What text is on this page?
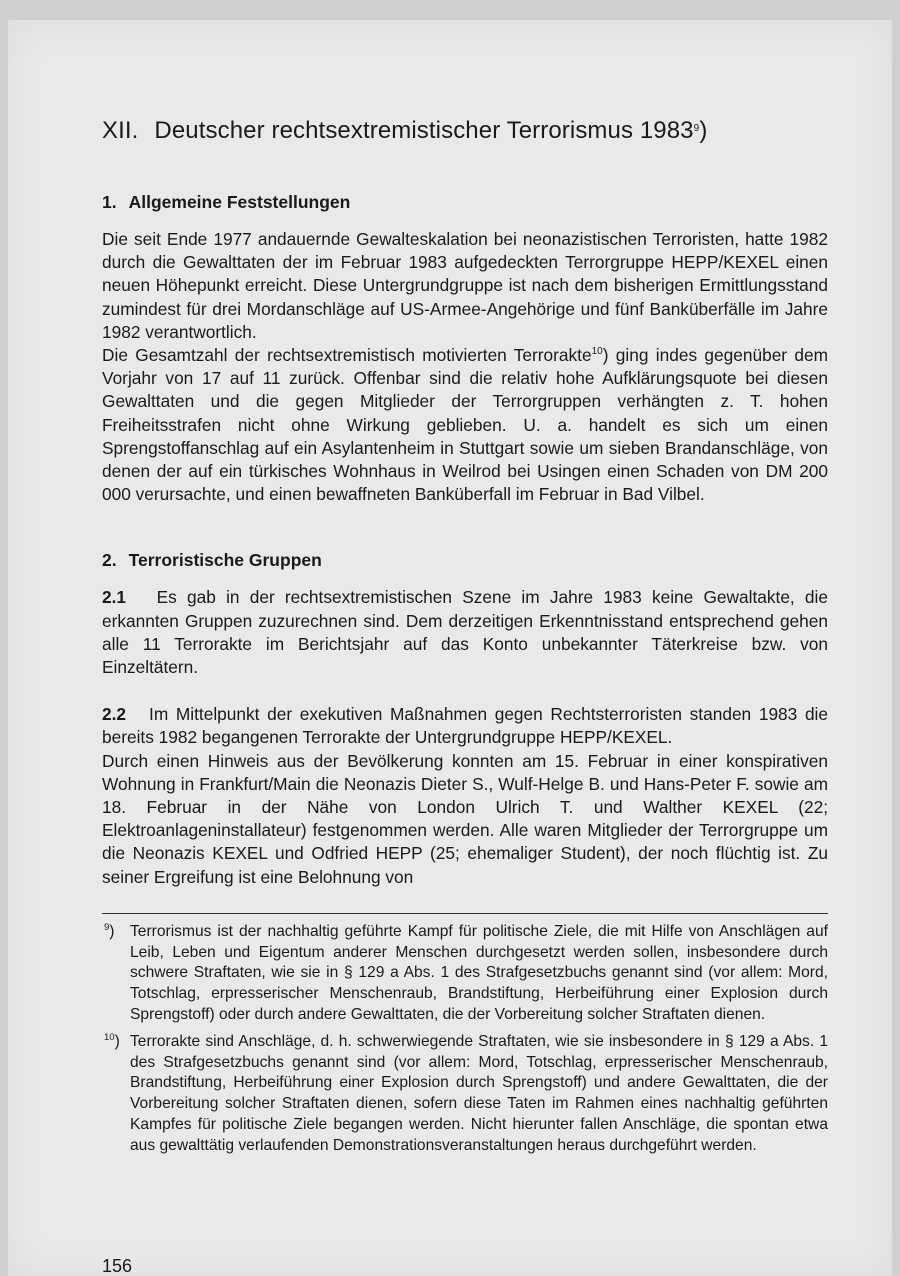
XII. Deutscher rechtsextremistischer Terrorismus 1983$^9$)
1. Allgemeine Feststellungen

Die seit Ende 1977 andauernde Gewalteskalation bei neonazistischen Terroristen, hatte 1982 durch die Gewalttaten der im Februar 1983 aufgedeckten Terrorgruppe HEPP/KEXEL einen neuen Höhepunkt erreicht. Diese Untergrundgruppe ist nach dem bisherigen Ermittlungsstand zumindest für drei Mordanschläge auf US-Armee-Angehörige und fünf Banküberfälle im Jahre 1982 verantwortlich.

Die Gesamtzahl der rechtsextremistisch motivierten Terrorakte$^{10}$) ging indes gegenüber dem Vorjahr von 17 auf 11 zurück. Offenbar sind die relativ hohe Aufklärungsquote bei diesen Gewalttaten und die gegen Mitglieder der Terrorgruppen verhängten z. T. hohen Freiheitsstrafen nicht ohne Wirkung geblieben. U. a. handelt es sich um einen Sprengstoffanschlag auf ein Asylantenheim in Stuttgart sowie um sieben Brandanschläge, von denen der auf ein türkisches Wohnhaus in Weilrod bei Usingen einen Schaden von DM 200 000 verursachte, und einen bewaffneten Banküberfall im Februar in Bad Vilbel.

2. Terroristische Gruppen

2.1 Es gab in der rechtsextremistischen Szene im Jahre 1983 keine Gewaltakte, die erkannten Gruppen zuzurechnen sind. Dem derzeitigen Erkenntnisstand entsprechend gehen alle 11 Terrorakte im Berichtsjahr auf das Konto unbekannter Täterkreise bzw. von Einzeltätern.

2.2 Im Mittelpunkt der exekutiven Maßnahmen gegen Rechtsterroristen standen 1983 die bereits 1982 begangenen Terrorakte der Untergrundgruppe HEPP/KEXEL.

Durch einen Hinweis aus der Bevölkerung konnten am 15. Februar in einer konspirativen Wohnung in Frankfurt/Main die Neonazis Dieter S., Wulf-Helge B. und Hans-Peter F. sowie am 18. Februar in der Nähe von London Ulrich T. und Walther KEXEL (22; Elektroanlageninstallateur) festgenommen werden. Alle waren Mitglieder der Terrorgruppe um die Neonazis KEXEL und Odfried HEPP (25; ehemaliger Student), der noch flüchtig ist. Zu seiner Ergreifung ist eine Belohnung von

$^9$) Terrorismus ist der nachhaltig geführte Kampf für politische Ziele, die mit Hilfe von Anschlägen auf Leib, Leben und Eigentum anderer Menschen durchgesetzt werden sollen, insbesondere durch schwere Straftaten, wie sie in § 129 a Abs. 1 des Strafgesetzbuchs genannt sind (vor allem: Mord, Totschlag, erpresserischer Menschenraub, Brandstiftung, Herbeiführung einer Explosion durch Sprengstoff) oder durch andere Gewalttaten, die der Vorbereitung solcher Straftaten dienen.
$^{10}$) Terrorakte sind Anschläge, d. h. schwerwiegende Straftaten, wie sie insbesondere in § 129 a Abs. 1 des Strafgesetzbuchs genannt sind (vor allem: Mord, Totschlag, erpresserischer Menschenraub, Brandstiftung, Herbeiführung einer Explosion durch Sprengstoff) und andere Gewalttaten, die der Vorbereitung solcher Straftaten dienen, sofern diese Taten im Rahmen eines nachhaltig geführten Kampfes für politische Ziele begangen werden. Nicht hierunter fallen Anschläge, die spontan etwa aus gewalttätig verlaufenden Demonstrationsveranstaltungen heraus durchgeführt werden.
156
